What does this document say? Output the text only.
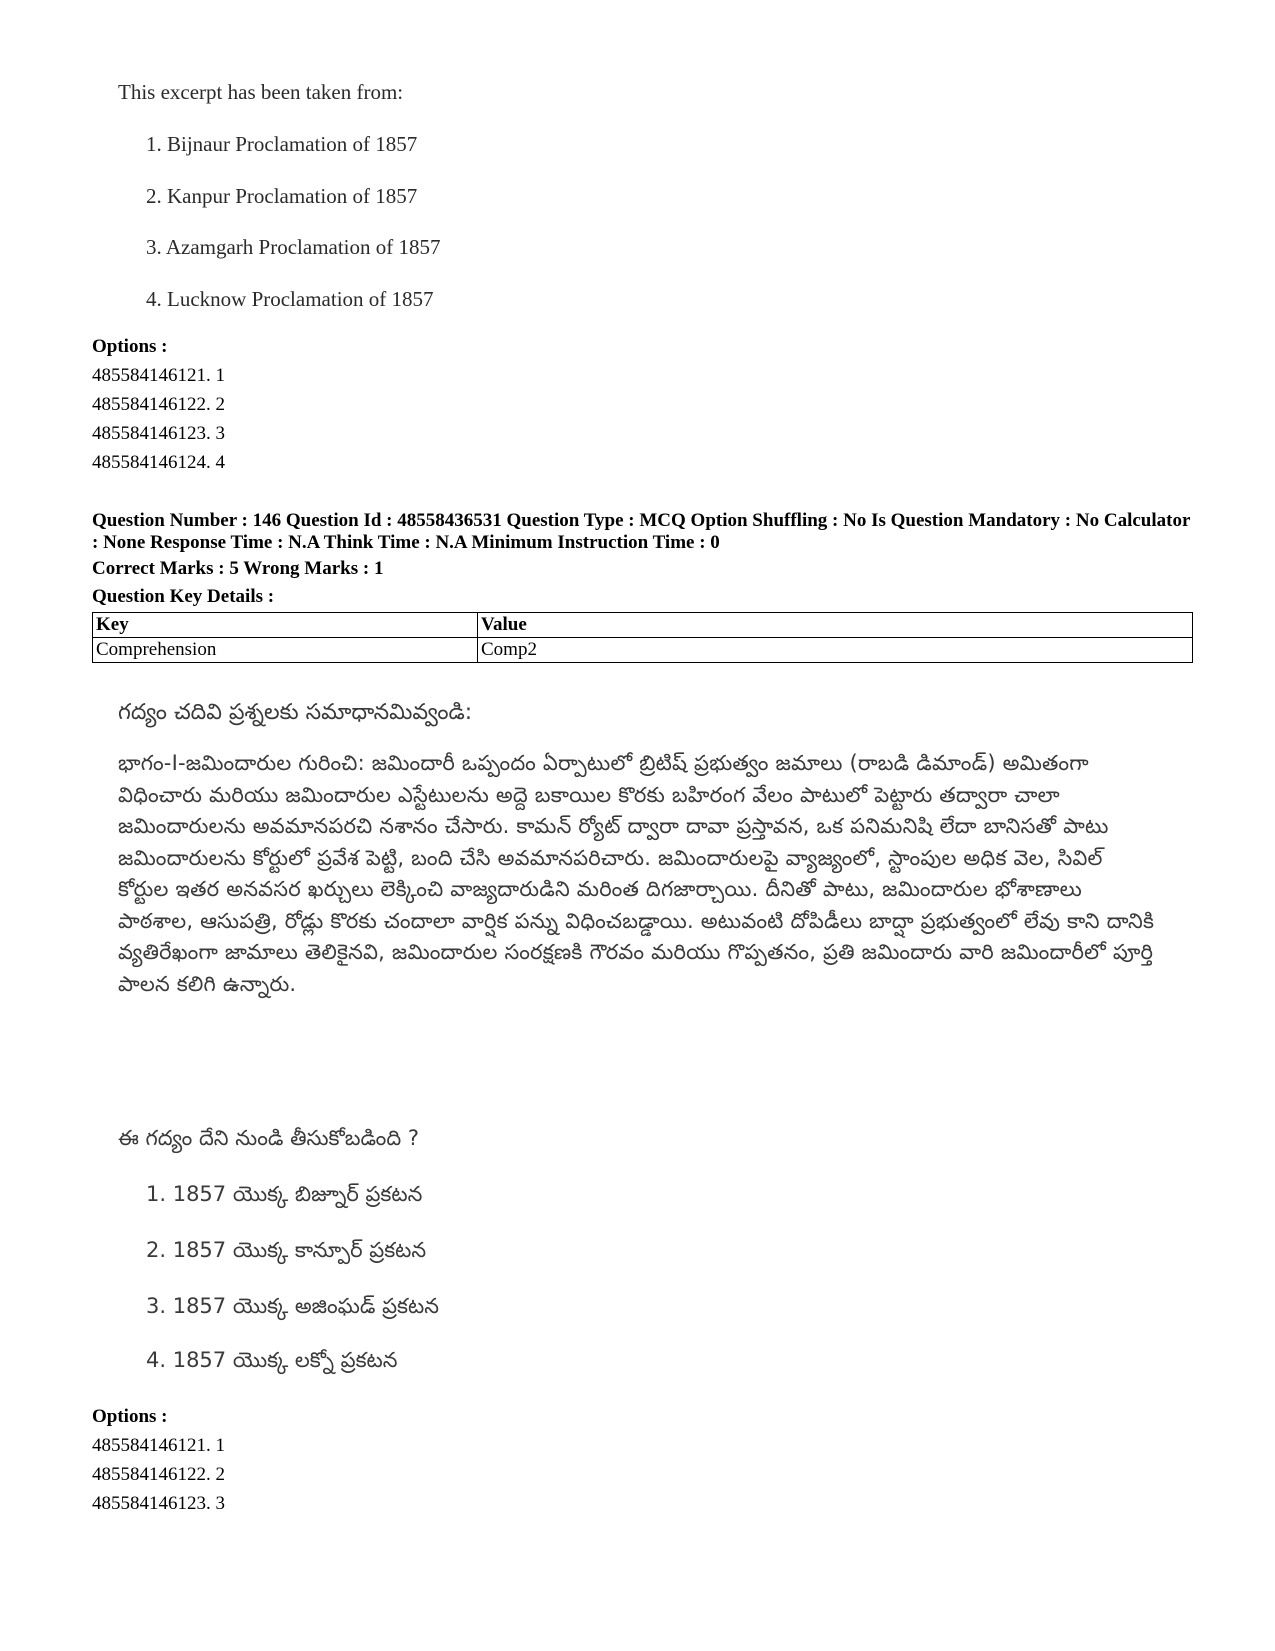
This excerpt has been taken from:
1. Bijnaur Proclamation of 1857
2. Kanpur Proclamation of 1857
3. Azamgarh Proclamation of 1857
4. Lucknow Proclamation of 1857
Options :
485584146121. 1
485584146122. 2
485584146123. 3
485584146124. 4
Question Number : 146 Question Id : 48558436531 Question Type : MCQ Option Shuffling : No Is Question Mandatory : No Calculator : None Response Time : N.A Think Time : N.A Minimum Instruction Time : 0
Correct Marks : 5 Wrong Marks : 1
Question Key Details :
Key	Value
Comprehension	Comp2
గద్యం చదివి ప్రశ్నలకు సమాధానమివ్వండి:
భాగం-I-జమిందారుల గురించి: జమిందారీ ఒప్పందం ఏర్పాటులో బ్రిటిష్ ప్రభుత్వం జమాలు (రాబడి డిమాండ్) అమితంగా విధించారు మరియు జమిందారుల ఎస్టేటులను అద్దె బకాయిల కొరకు బహిరంగ వేలం పాటులో పెట్టారు తద్వారా చాలా జమిందారులను అవమానపరచి నశానం చేసారు. కామన్ ర్యోట్ ద్వారా దావా ప్రస్తావన, ఒక పనిమనిషి లేదా బానిసతో పాటు జమిందారులను కోర్టులో ప్రవేశ పెట్టి, బంది చేసి అవమానపరిచారు. జమిందారులపై వ్యాజ్యంలో, స్టాంపుల అధిక వెల, సివిల్ కోర్టుల ఇతర అనవసర ఖర్చులు లెక్కించి వాజ్యదారుడిని మరింత దిగజార్చాయి. దీనితో పాటు, జమిందారుల భోశాణాలు పాఠశాల, ఆసుపత్రి, రోడ్లు కొరకు చందాలా వార్షిక పన్ను విధించబడ్డాయి. అటువంటి దోపిడీలు బాద్షా ప్రభుత్వంలో లేవు కాని దానికి వ్యతిరేఖంగా జామాలు తెలికైనవి, జమిందారుల సంరక్షణకి గౌరవం మరియు గొప్పతనం, ప్రతి జమిందారు వారి జమిందారీలో పూర్తి పాలన కలిగి ఉన్నారు.
ఈ గద్యం దేని నుండి తీసుకోబడింది ?
1. 1857 యొక్క బిజ్నూర్ ప్రకటన
2. 1857 యొక్క కాన్పూర్ ప్రకటన
3. 1857 యొక్క అజింఘడ్ ప్రకటన
4. 1857 యొక్క లక్నో ప్రకటన
Options :
485584146121. 1
485584146122. 2
485584146123. 3
